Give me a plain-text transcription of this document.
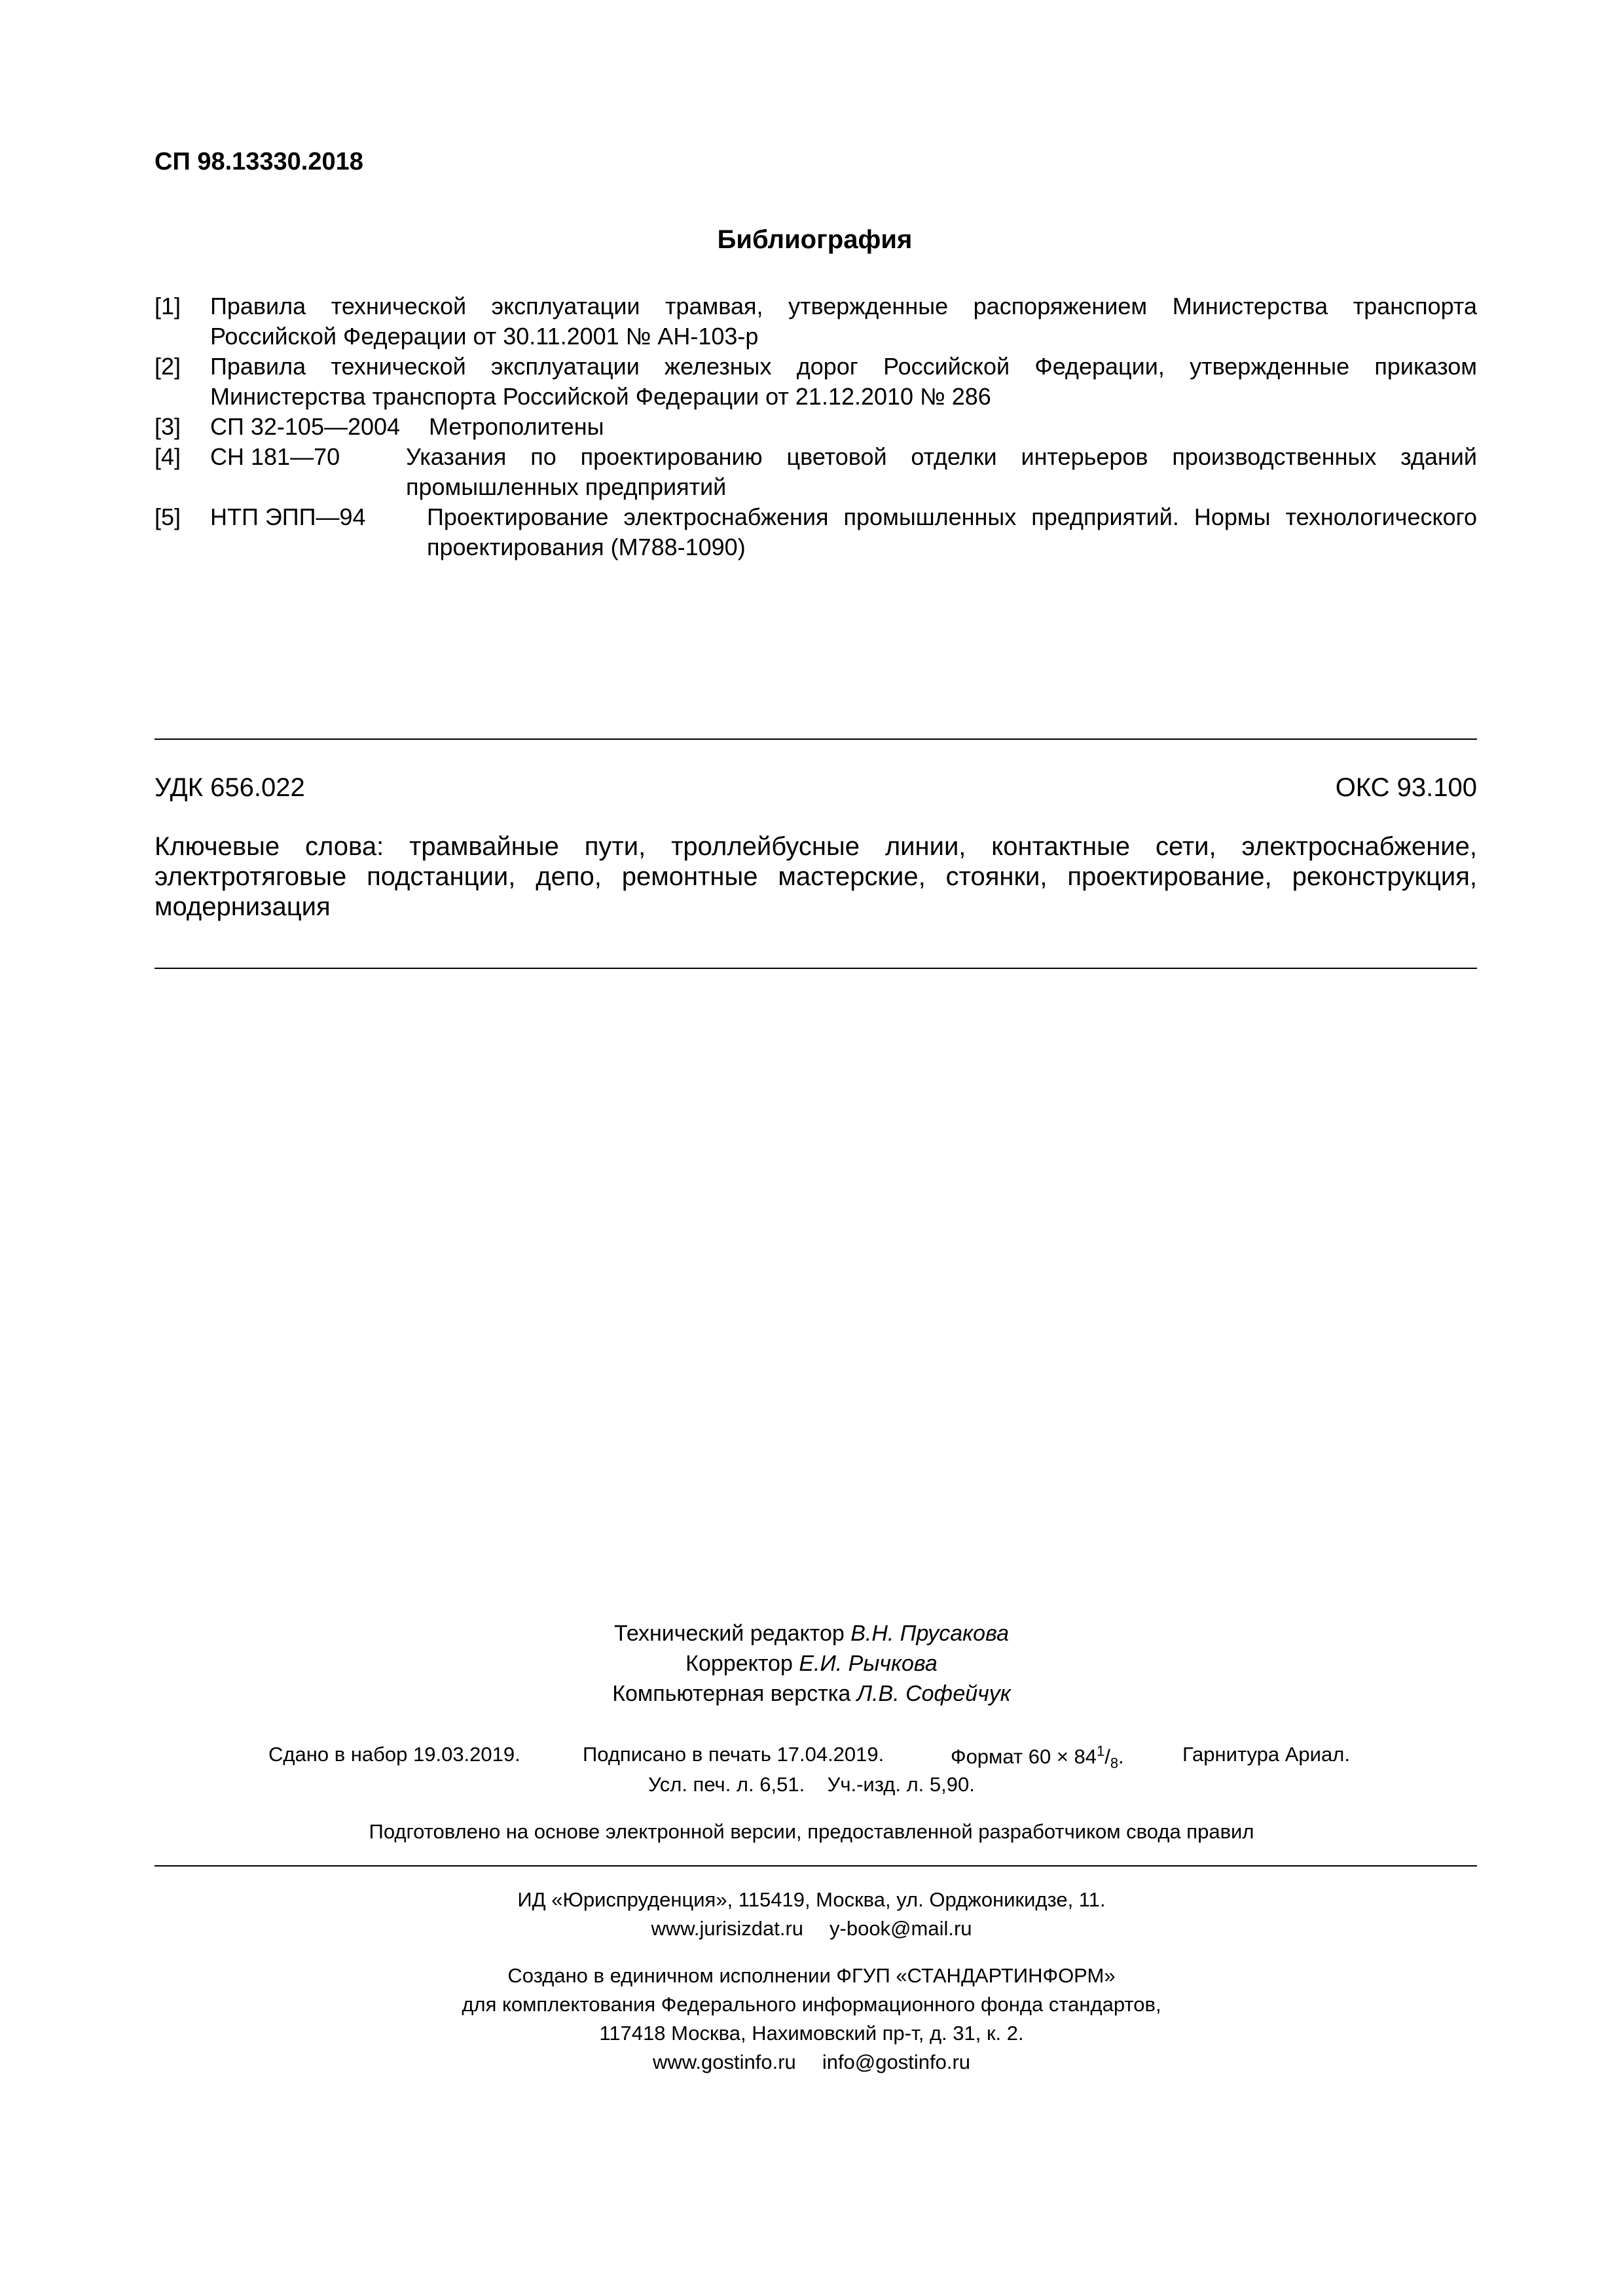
СП 98.13330.2018
Библиография
[1] Правила технической эксплуатации трамвая, утвержденные распоряжением Министерства транспорта Российской Федерации от 30.11.2001 № АН-103-р
[2] Правила технической эксплуатации железных дорог Российской Федерации, утвержденные приказом Министерства транспорта Российской Федерации от 21.12.2010 № 286
[3] СП 32-105—2004 Метрополитены
[4] СН 181—70	Указания по проектированию цветовой отделки интерьеров производственных зданий промышленных предприятий
[5] НТП ЭПП—94	Проектирование электроснабжения промышленных предприятий. Нормы технологического проектирования (М788-1090)
УДК 656.022	ОКС 93.100
Ключевые слова: трамвайные пути, троллейбусные линии, контактные сети, электроснабжение, электротяговые подстанции, депо, ремонтные мастерские, стоянки, проектирование, реконструкция, модернизация
Технический редактор В.Н. Прусакова
Корректор Е.И. Рычкова
Компьютерная верстка Л.В. Софейчук
Сдано в набор 19.03.2019.	Подписано в печать 17.04.2019.	Формат $60 \times 84^1/_8$.	Гарнитура Ариал.
Усл. печ. л. 6,51. Уч.-изд. л. 5,90.
Подготовлено на основе электронной версии, предоставленной разработчиком свода правил
ИД «Юриспруденция», 115419, Москва, ул. Орджоникидзе, 11.
www.jurisizdat.ru y-book@mail.ru
Создано в единичном исполнении ФГУП «СТАНДАРТИНФОРМ»
для комплектования Федерального информационного фонда стандартов,
117418 Москва, Нахимовский пр-т, д. 31, к. 2.
www.gostinfo.ru info@gostinfo.ru
